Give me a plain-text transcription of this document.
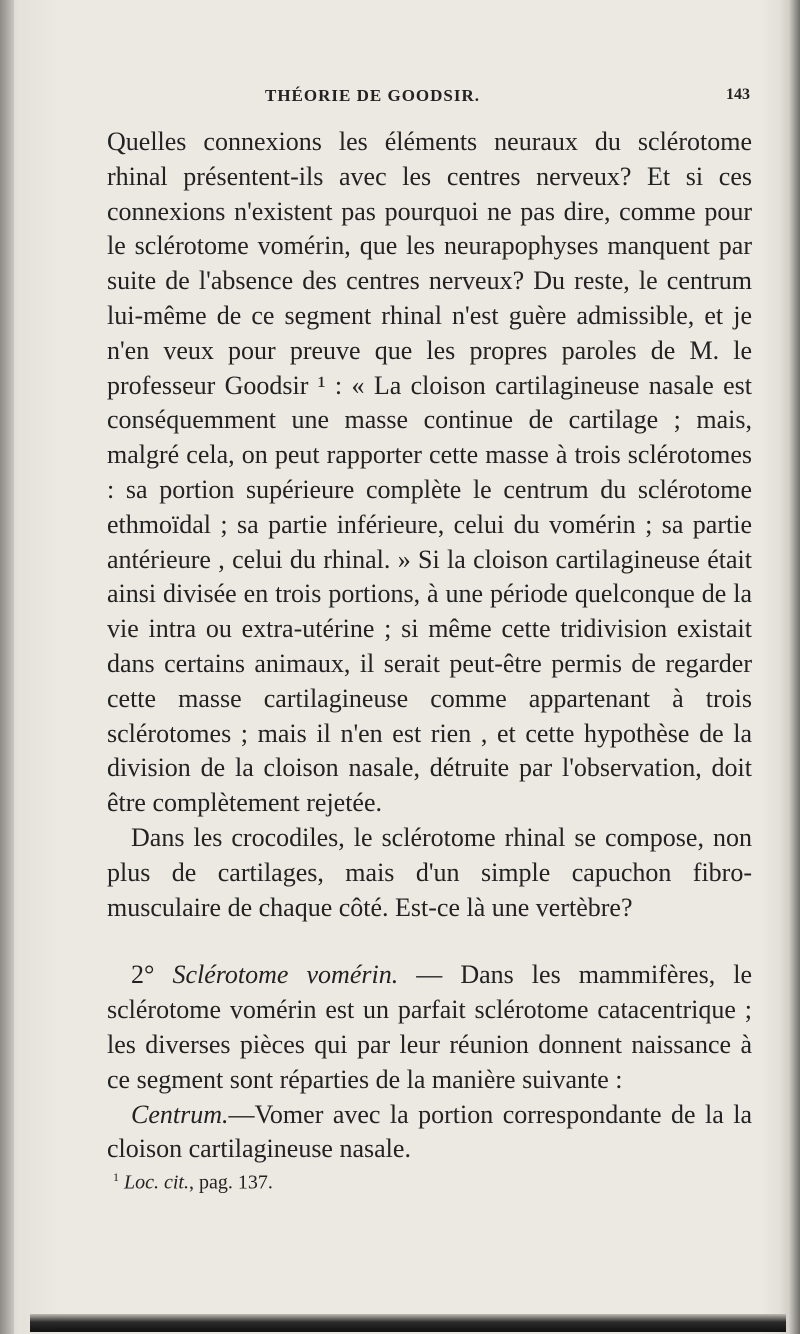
THÉORIE DE GOODSIR.	143

Quelles connexions les éléments neuraux du sclérotome rhinal présentent-ils avec les centres nerveux? Et si ces connexions n'existent pas pourquoi ne pas dire, comme pour le sclérotome vomérin, que les neurapophyses manquent par suite de l'absence des centres nerveux? Du reste, le centrum lui-même de ce segment rhinal n'est guère admissible, et je n'en veux pour preuve que les propres paroles de M. le professeur Goodsir ¹ : « La cloison cartilagineuse nasale est conséquemment une masse continue de cartilage ; mais, malgré cela, on peut rapporter cette masse à trois sclérotomes : sa portion supérieure complète le centrum du sclérotome ethmoïdal ; sa partie inférieure, celui du vomérin ; sa partie antérieure , celui du rhinal. » Si la cloison cartilagineuse était ainsi divisée en trois portions, à une période quelconque de la vie intra ou extra-utérine ; si même cette tridivision existait dans certains animaux, il serait peut-être permis de regarder cette masse cartilagineuse comme appartenant à trois sclérotomes ; mais il n'en est rien , et cette hypothèse de la division de la cloison nasale, détruite par l'observation, doit être complètement rejetée.

Dans les crocodiles, le sclérotome rhinal se compose, non plus de cartilages, mais d'un simple capuchon fibro-musculaire de chaque côté. Est-ce là une vertèbre?

2° Sclérotome vomérin. — Dans les mammifères, le sclérotome vomérin est un parfait sclérotome catacentrique ; les diverses pièces qui par leur réunion donnent naissance à ce segment sont réparties de la manière suivante :

Centrum.—Vomer avec la portion correspondante de la la cloison cartilagineuse nasale.

$^1$ Loc. cit., pag. 137.
